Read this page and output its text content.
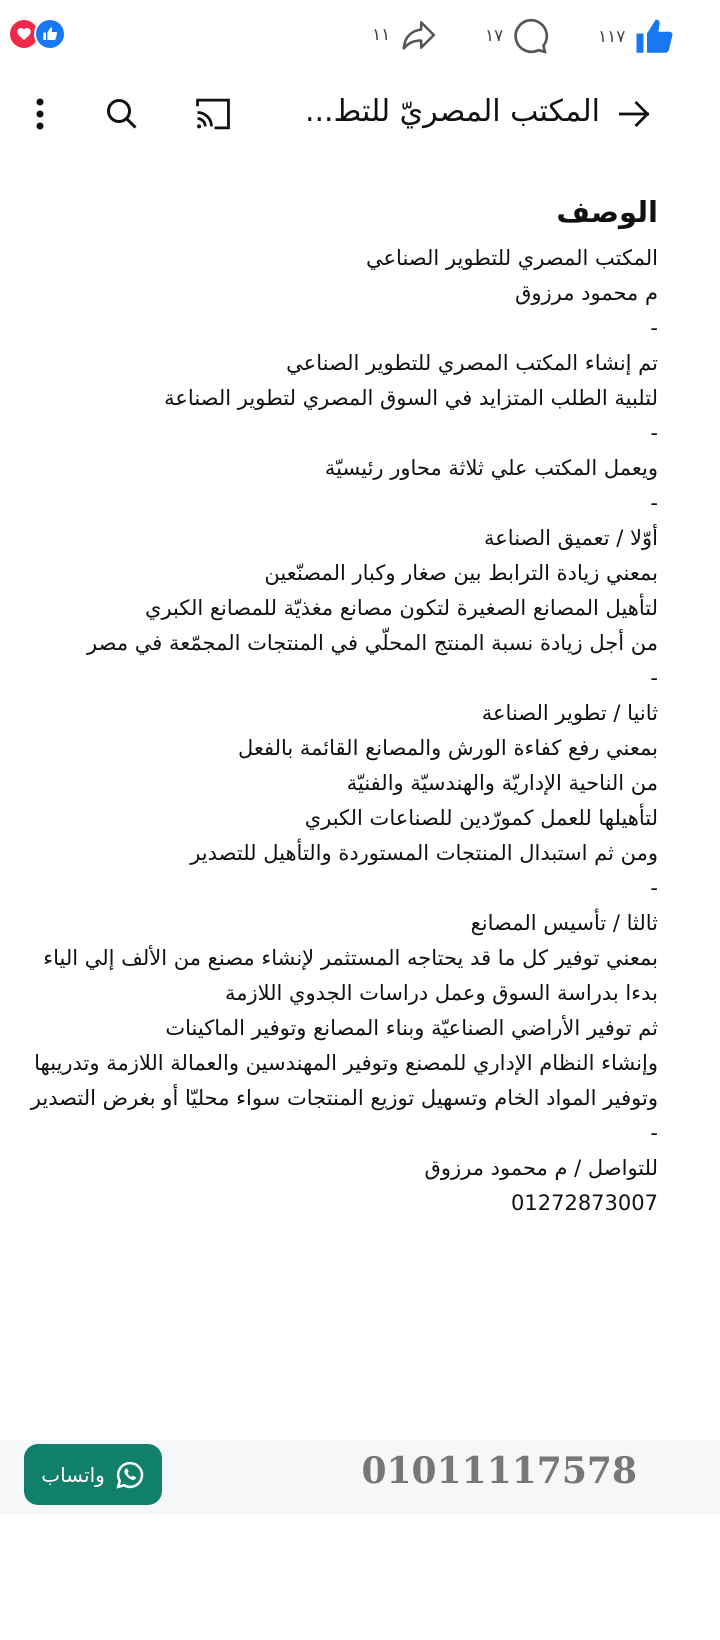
١١	١٧	١١٧
المكتب المصريّ للتط...
الوصف
المكتب المصري للتطوير الصناعي
م محمود مرزوق
-
تم إنشاء المكتب المصري للتطوير الصناعي
لتلبية الطلب المتزايد في السوق المصري لتطوير الصناعة
-
ويعمل المكتب علي ثلاثة محاور رئيسيّة
-
أوّلا / تعميق الصناعة
بمعني زيادة الترابط بين صغار وكبار المصنّعين
لتأهيل المصانع الصغيرة لتكون مصانع مغذيّة للمصانع الكبري
من أجل زيادة نسبة المنتج المحلّي في المنتجات المجمّعة في مصر
-
ثانيا / تطوير الصناعة
بمعني رفع كفاءة الورش والمصانع القائمة بالفعل
من الناحية الإداريّة والهندسيّة والفنيّة
لتأهيلها للعمل كمورّدين للصناعات الكبري
ومن ثم استبدال المنتجات المستوردة والتأهيل للتصدير
-
ثالثا / تأسيس المصانع
بمعني توفير كل ما قد يحتاجه المستثمر لإنشاء مصنع من الألف إلي الياء
بدءا بدراسة السوق وعمل دراسات الجدوي اللازمة
ثم توفير الأراضي الصناعيّة وبناء المصانع وتوفير الماكينات
وإنشاء النظام الإداري للمصنع وتوفير المهندسين والعمالة اللازمة وتدريبها
وتوفير المواد الخام وتسهيل توزيع المنتجات سواء محليّا أو بغرض التصدير
-
للتواصل / م محمود مرزوق
01272873007
واتساب	01011117578
